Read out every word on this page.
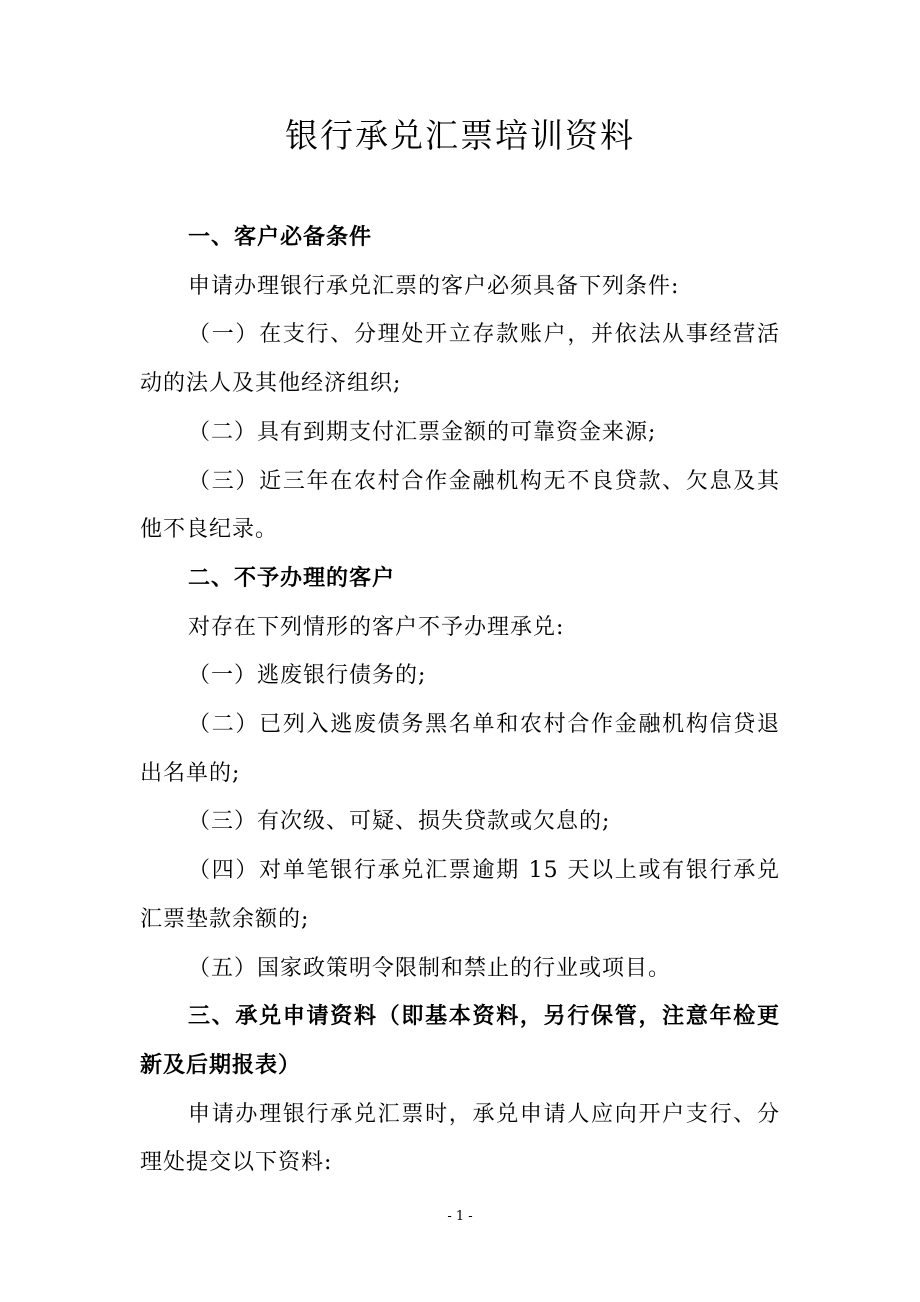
银行承兑汇票培训资料

一、客户必备条件

申请办理银行承兑汇票的客户必须具备下列条件:

（一）在支行、分理处开立存款账户，并依法从事经营活动的法人及其他经济组织;

（二）具有到期支付汇票金额的可靠资金来源;

（三）近三年在农村合作金融机构无不良贷款、欠息及其他不良纪录。

二、不予办理的客户

对存在下列情形的客户不予办理承兑:

（一）逃废银行债务的;

（二）已列入逃废债务黑名单和农村合作金融机构信贷退出名单的;

（三）有次级、可疑、损失贷款或欠息的;

（四）对单笔银行承兑汇票逾期 15 天以上或有银行承兑汇票垫款余额的;

（五）国家政策明令限制和禁止的行业或项目。

三、承兑申请资料（即基本资料，另行保管，注意年检更新及后期报表）

申请办理银行承兑汇票时，承兑申请人应向开户支行、分理处提交以下资料:

- 1 -
